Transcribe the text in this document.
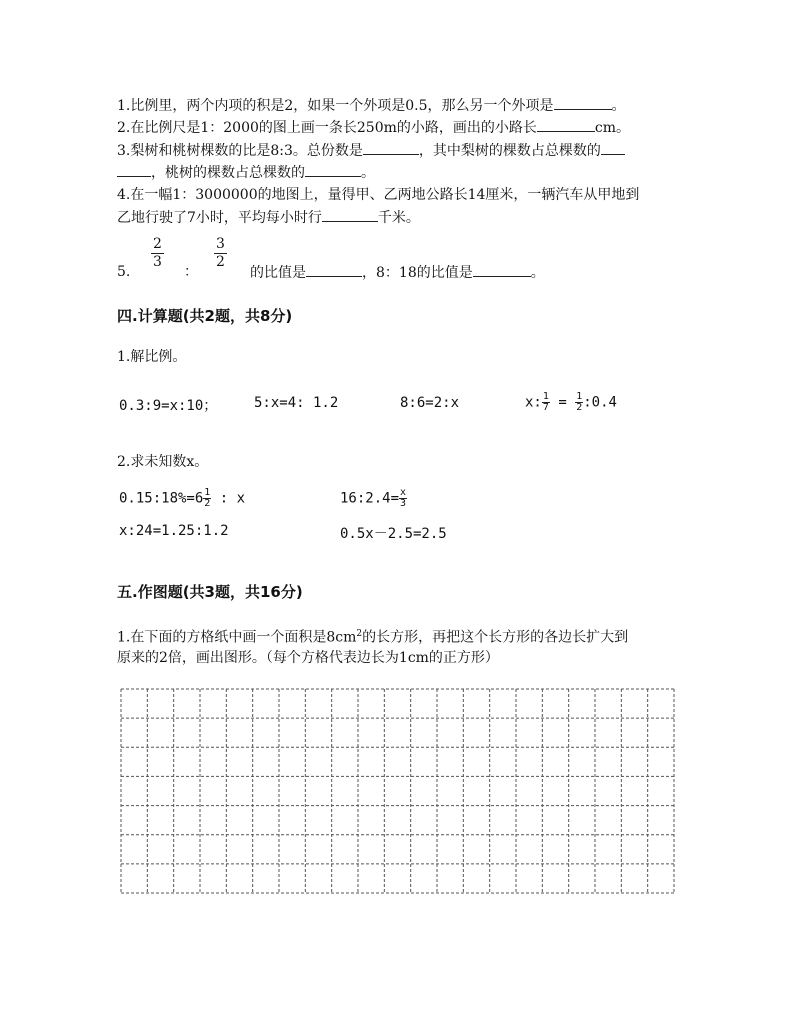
1.比例里，两个内项的积是2，如果一个外项是0.5，那么另一个外项是	。
2.在比例尺是1：2000的图上画一条长250m的小路，画出的小路长	cm。
3.梨树和桃树棵数的比是8:3。总份数是	，其中梨树的棵数占总棵数的
，桃树的棵数占总棵数的	。
4.在一幅1：3000000的地图上，量得甲、乙两地公路长14厘米，一辆汽车从甲地到
乙地行驶了7小时，平均每小时行	千米。
$\frac{2}{3}$	$\frac{3}{2}$
5.	：	的比值是	，8：18的比值是	。
四.计算题(共2题，共8分)
1.解比例。
0.3:9=x:10；	5:x=4: 1.2	8:6=2:x	x: $\frac{1}{7} = \frac{1}{2}$ :0.4
2.求未知数x。
0.15:18%=6 $\frac{1}{2}$ : x	16:2.4= $\frac{x}{3}$
x:24=1.25:1.2	0.5x－2.5=2.5
五.作图题(共3题，共16分)
1.在下面的方格纸中画一个面积是$8cm^2$的长方形，再把这个长方形的各边长扩大到
原来的2倍，画出图形。（每个方格代表边长为1cm的正方形）
